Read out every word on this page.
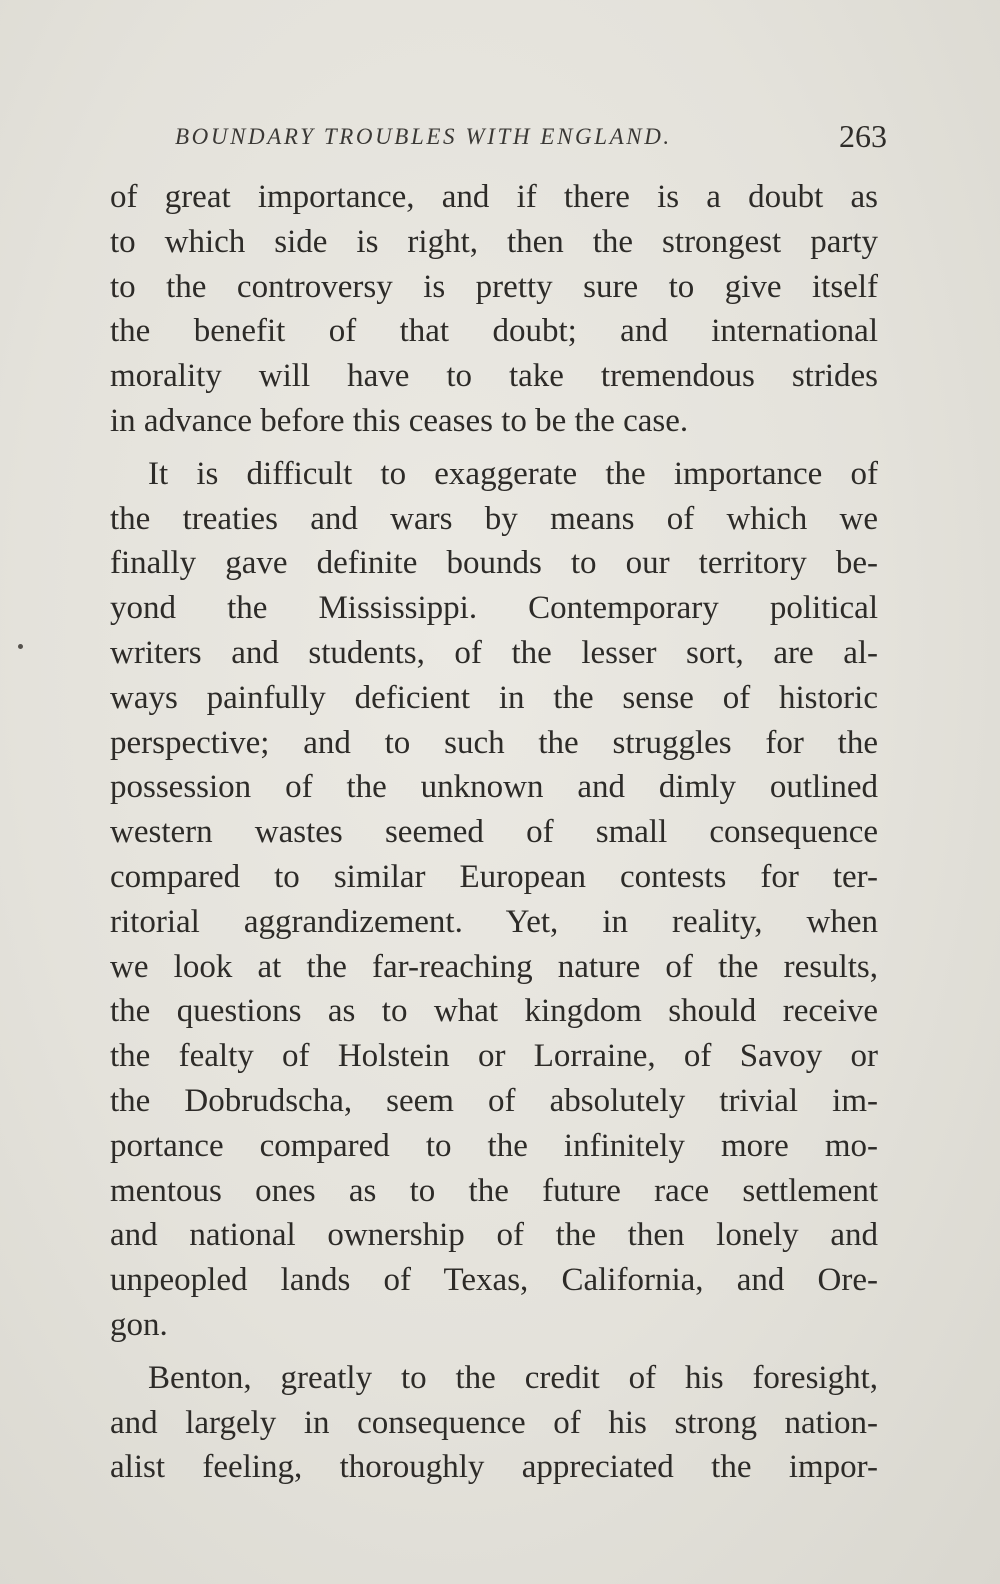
BOUNDARY TROUBLES WITH ENGLAND.	263
of great importance, and if there is a doubt as
to which side is right, then the strongest party
to the controversy is pretty sure to give itself
the benefit of that doubt; and international
morality will have to take tremendous strides
in advance before this ceases to be the case.
It is difficult to exaggerate the importance of
the treaties and wars by means of which we
finally gave definite bounds to our territory be-
yond the Mississippi. Contemporary political
writers and students, of the lesser sort, are al-
ways painfully deficient in the sense of historic
perspective; and to such the struggles for the
possession of the unknown and dimly outlined
western wastes seemed of small consequence
compared to similar European contests for ter-
ritorial aggrandizement. Yet, in reality, when
we look at the far-reaching nature of the results,
the questions as to what kingdom should receive
the fealty of Holstein or Lorraine, of Savoy or
the Dobrudscha, seem of absolutely trivial im-
portance compared to the infinitely more mo-
mentous ones as to the future race settlement
and national ownership of the then lonely and
unpeopled lands of Texas, California, and Ore-
gon.
Benton, greatly to the credit of his foresight,
and largely in consequence of his strong nation-
alist feeling, thoroughly appreciated the impor-
